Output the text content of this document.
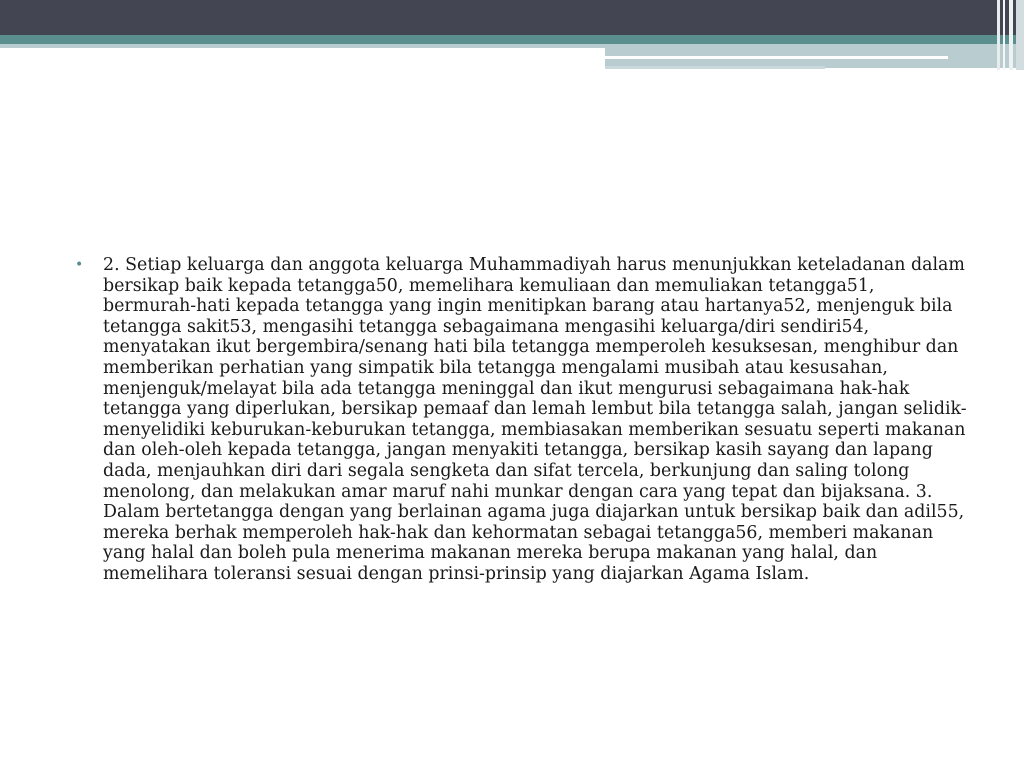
•	2. Setiap keluarga dan anggota keluarga Muhammadiyah harus menunjukkan keteladanan dalam bersikap baik kepada tetangga50, memelihara kemuliaan dan memuliakan tetangga51, bermurah-hati kepada tetangga yang ingin menitipkan barang atau hartanya52, menjenguk bila tetangga sakit53, mengasihi tetangga sebagaimana mengasihi keluarga/diri sendiri54, menyatakan ikut bergembira/senang hati bila tetangga memperoleh kesuksesan, menghibur dan memberikan perhatian yang simpatik bila tetangga mengalami musibah atau kesusahan, menjenguk/melayat bila ada tetangga meninggal dan ikut mengurusi sebagaimana hak-hak tetangga yang diperlukan, bersikap pemaaf dan lemah lembut bila tetangga salah, jangan selidik-menyelidiki keburukan-keburukan tetangga, membiasakan memberikan sesuatu seperti makanan dan oleh-oleh kepada tetangga, jangan menyakiti tetangga, bersikap kasih sayang dan lapang dada, menjauhkan diri dari segala sengketa dan sifat tercela, berkunjung dan saling tolong menolong, dan melakukan amar maruf nahi munkar dengan cara yang tepat dan bijaksana. 3. Dalam bertetangga dengan yang berlainan agama juga diajarkan untuk bersikap baik dan adil55, mereka berhak memperoleh hak-hak dan kehormatan sebagai tetangga56, memberi makanan yang halal dan boleh pula menerima makanan mereka berupa makanan yang halal, dan memelihara toleransi sesuai dengan prinsi-prinsip yang diajarkan Agama Islam.
